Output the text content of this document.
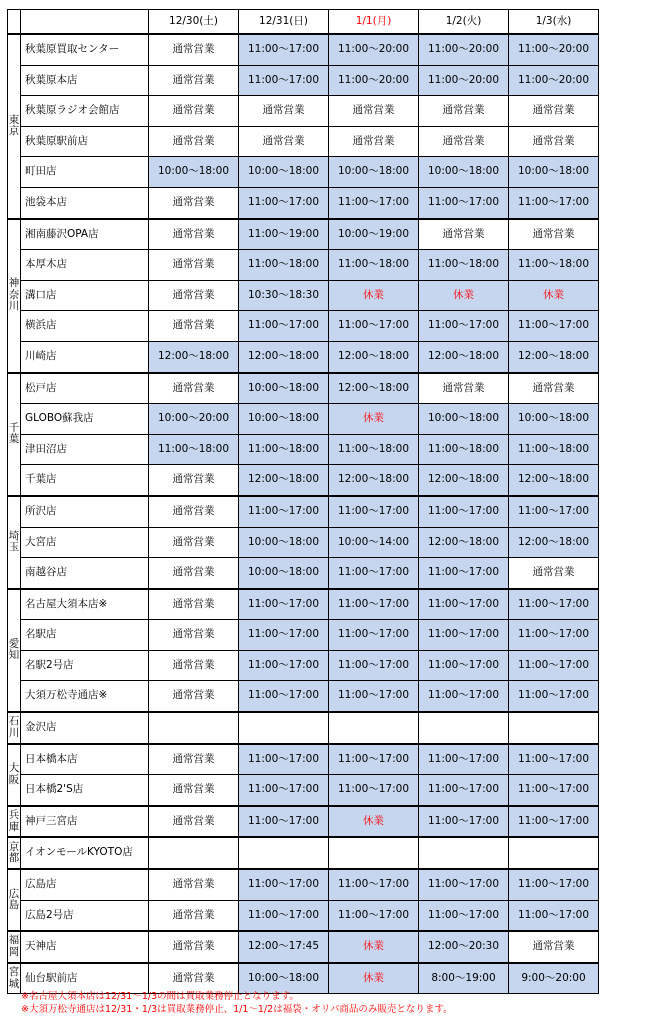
		12/30(土)	12/31(日)	1/1(月)	1/2(火)	1/3(水)
東京	秋葉原買取センター	通常営業	11:00〜17:00	11:00〜20:00	11:00〜20:00	11:00〜20:00
	秋葉原本店	通常営業	11:00〜17:00	11:00〜20:00	11:00〜20:00	11:00〜20:00
	秋葉原ラジオ会館店	通常営業	通常営業	通常営業	通常営業	通常営業
	秋葉原駅前店	通常営業	通常営業	通常営業	通常営業	通常営業
	町田店	10:00〜18:00	10:00〜18:00	10:00〜18:00	10:00〜18:00	10:00〜18:00
	池袋本店	通常営業	11:00〜17:00	11:00〜17:00	11:00〜17:00	11:00〜17:00
神奈川	湘南藤沢OPA店	通常営業	11:00〜19:00	10:00〜19:00	通常営業	通常営業
	本厚木店	通常営業	11:00〜18:00	11:00〜18:00	11:00〜18:00	11:00〜18:00
	溝口店	通常営業	10:30〜18:30	休業	休業	休業
	横浜店	通常営業	11:00〜17:00	11:00〜17:00	11:00〜17:00	11:00〜17:00
	川崎店	12:00〜18:00	12:00〜18:00	12:00〜18:00	12:00〜18:00	12:00〜18:00
千葉	松戸店	通常営業	10:00〜18:00	12:00〜18:00	通常営業	通常営業
	GLOBO蘇我店	10:00〜20:00	10:00〜18:00	休業	10:00〜18:00	10:00〜18:00
	津田沼店	11:00〜18:00	11:00〜18:00	11:00〜18:00	11:00〜18:00	11:00〜18:00
	千葉店	通常営業	12:00〜18:00	12:00〜18:00	12:00〜18:00	12:00〜18:00
埼玉	所沢店	通常営業	11:00〜17:00	11:00〜17:00	11:00〜17:00	11:00〜17:00
	大宮店	通常営業	10:00〜18:00	10:00〜14:00	12:00〜18:00	12:00〜18:00
	南越谷店	通常営業	10:00〜18:00	11:00〜17:00	11:00〜17:00	通常営業
愛知	名古屋大須本店※	通常営業	11:00〜17:00	11:00〜17:00	11:00〜17:00	11:00〜17:00
	名駅店	通常営業	11:00〜17:00	11:00〜17:00	11:00〜17:00	11:00〜17:00
	名駅2号店	通常営業	11:00〜17:00	11:00〜17:00	11:00〜17:00	11:00〜17:00
	大須万松寺通店※	通常営業	11:00〜17:00	11:00〜17:00	11:00〜17:00	11:00〜17:00
石川	金沢店					
大阪	日本橋本店	通常営業	11:00〜17:00	11:00〜17:00	11:00〜17:00	11:00〜17:00
	日本橋2'S店	通常営業	11:00〜17:00	11:00〜17:00	11:00〜17:00	11:00〜17:00
兵庫	神戸三宮店	通常営業	11:00〜17:00	休業	11:00〜17:00	11:00〜17:00
京都	イオンモールKYOTO店					
広島	広島店	通常営業	11:00〜17:00	11:00〜17:00	11:00〜17:00	11:00〜17:00
	広島2号店	通常営業	11:00〜17:00	11:00〜17:00	11:00〜17:00	11:00〜17:00
福岡	天神店	通常営業	12:00〜17:45	休業	12:00〜20:30	通常営業
宮城	仙台駅前店	通常営業	10:00〜18:00	休業	8:00〜19:00	9:00〜20:00
※名古屋大須本店は12/31〜1/3の間は買取業務停止となります。
※大須万松寺通店は12/31・1/3は買取業務停止、1/1〜1/2は福袋・オリパ商品のみ販売となります。
